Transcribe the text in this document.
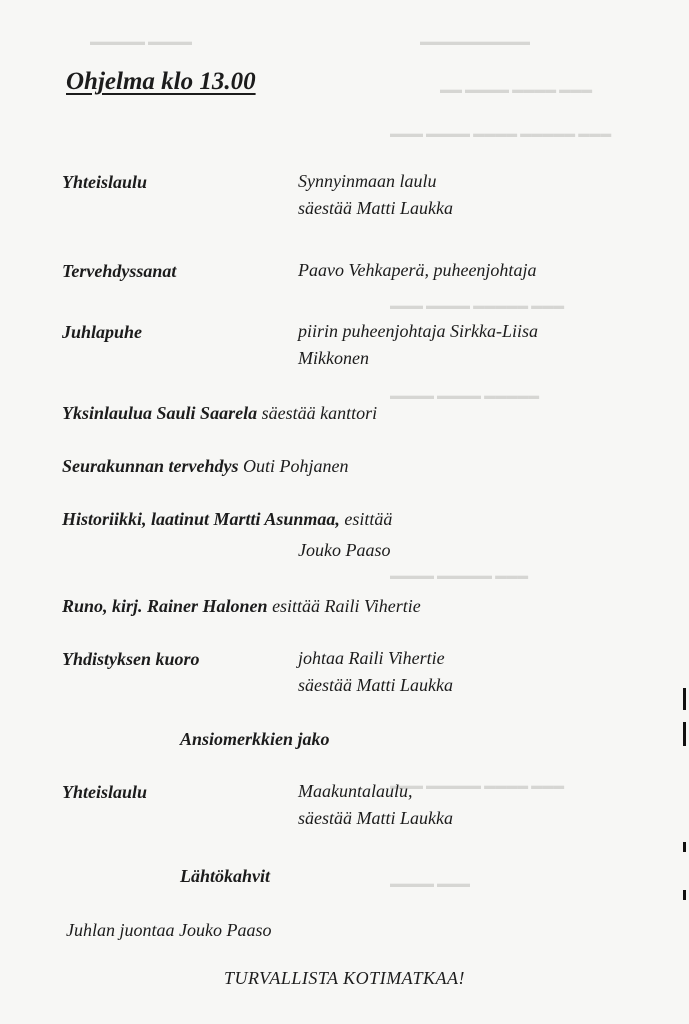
▬▬▬▬▬ ▬▬▬▬	▬▬▬▬▬▬▬▬▬▬
▬▬ ▬▬▬▬ ▬▬▬▬ ▬▬▬
▬▬▬ ▬▬▬▬ ▬▬▬▬ ▬▬▬▬▬ ▬▬▬
▬▬▬ ▬▬▬▬ ▬▬▬▬▬ ▬▬▬
▬▬▬▬ ▬▬▬▬ ▬▬▬▬▬
▬▬▬▬ ▬▬▬▬▬ ▬▬▬
▬▬▬ ▬▬▬▬▬ ▬▬▬▬ ▬▬▬
▬▬▬▬ ▬▬▬
Ohjelma klo 13.00
Yhteislaulu	Synnyinmaan laulu
säestää Matti Laukka
Tervehdyssanat	Paavo Vehkaperä, puheenjohtaja
Juhlapuhe	piirin puheenjohtaja Sirkka-Liisa
Mikkonen
Yksinlaulua Sauli Saarela säestää kanttori
Seurakunnan tervehdys Outi Pohjanen
Historiikki, laatinut Martti Asunmaa, esittää
Jouko Paaso
Runo, kirj. Rainer Halonen esittää Raili Vihertie
Yhdistyksen kuoro	johtaa Raili Vihertie
säestää Matti Laukka
Ansiomerkkien jako
Yhteislaulu	Maakuntalaulu,
säestää Matti Laukka
Lähtökahvit
Juhlan juontaa Jouko Paaso
TURVALLISTA KOTIMATKAA!
